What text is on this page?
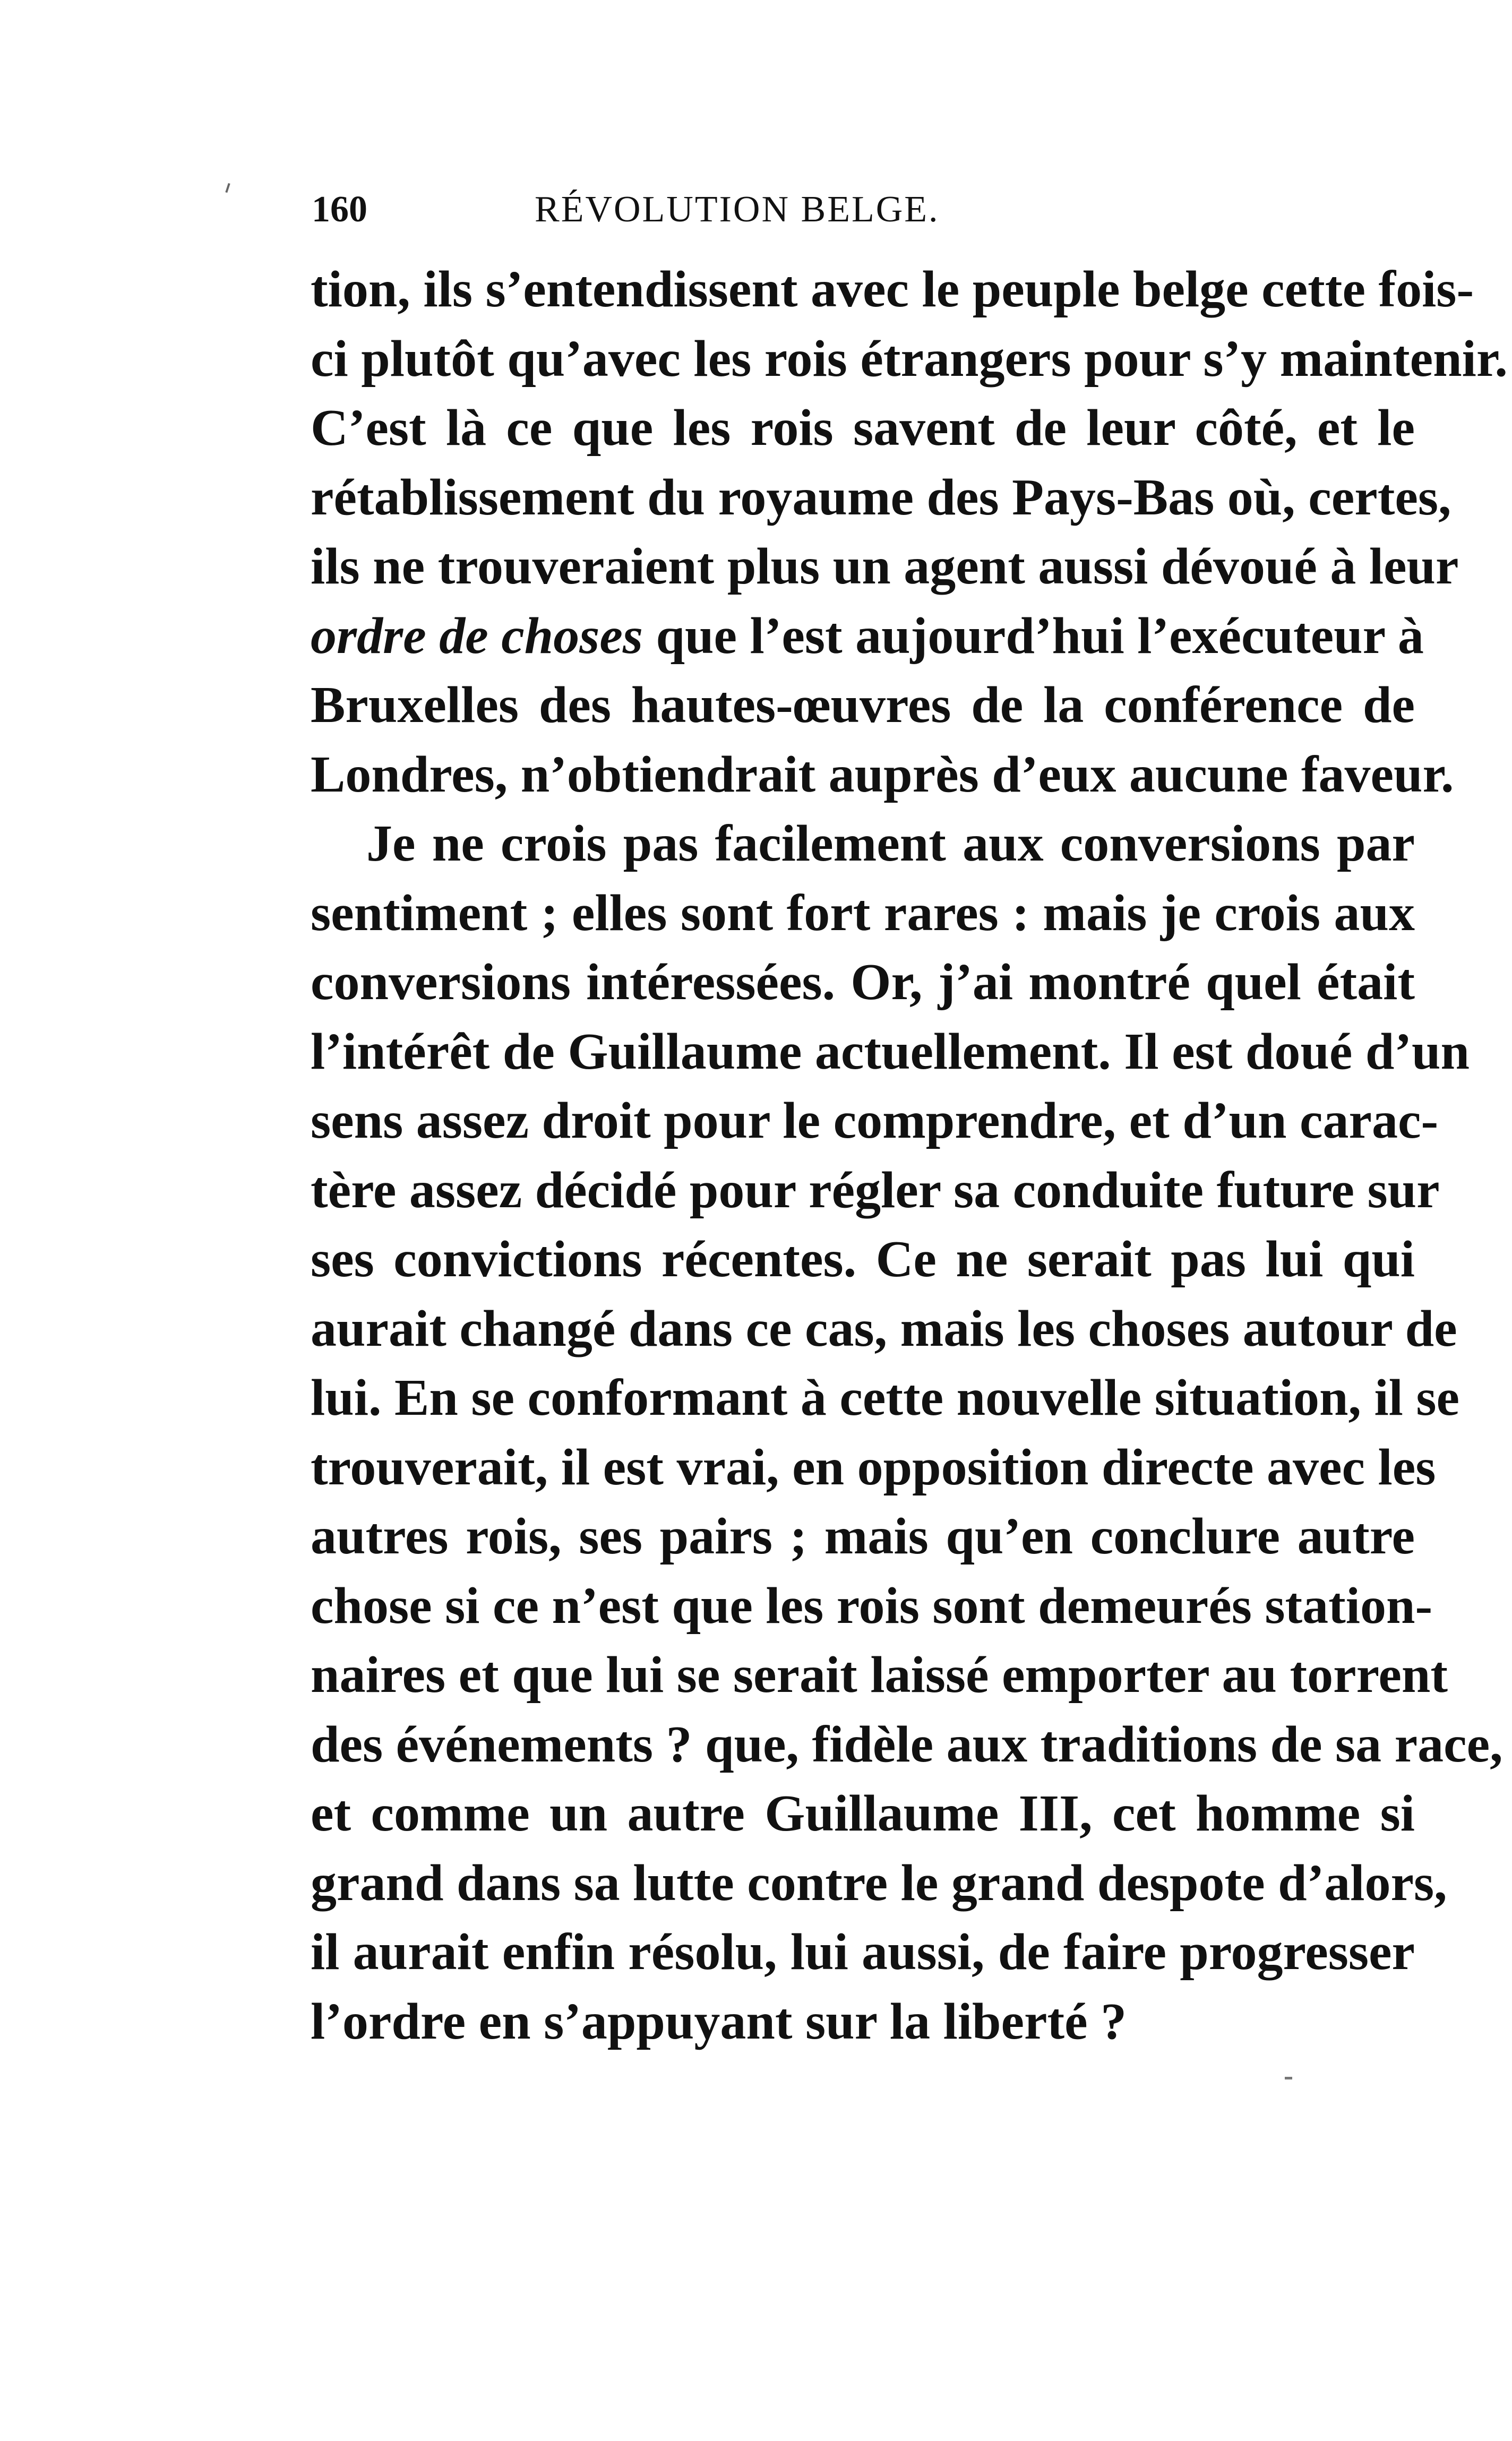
160	RÉVOLUTION BELGE.
tion, ils s’entendissent avec le peuple belge cette fois-
ci plutôt qu’avec les rois étrangers pour s’y maintenir.
C’est là ce que les rois savent de leur côté, et le
rétablissement du royaume des Pays-Bas où, certes,
ils ne trouveraient plus un agent aussi dévoué à leur
ordre de choses que l’est aujourd’hui l’exécuteur à
Bruxelles des hautes-œuvres de la conférence de
Londres, n’obtiendrait auprès d’eux aucune faveur.
Je ne crois pas facilement aux conversions par
sentiment ; elles sont fort rares : mais je crois aux
conversions intéressées. Or, j’ai montré quel était
l’intérêt de Guillaume actuellement. Il est doué d’un
sens assez droit pour le comprendre, et d’un carac-
tère assez décidé pour régler sa conduite future sur
ses convictions récentes. Ce ne serait pas lui qui
aurait changé dans ce cas, mais les choses autour de
lui. En se conformant à cette nouvelle situation, il se
trouverait, il est vrai, en opposition directe avec les
autres rois, ses pairs ; mais qu’en conclure autre
chose si ce n’est que les rois sont demeurés station-
naires et que lui se serait laissé emporter au torrent
des événements ? que, fidèle aux traditions de sa race,
et comme un autre Guillaume III, cet homme si
grand dans sa lutte contre le grand despote d’alors,
il aurait enfin résolu, lui aussi, de faire progresser
l’ordre en s’appuyant sur la liberté ?
